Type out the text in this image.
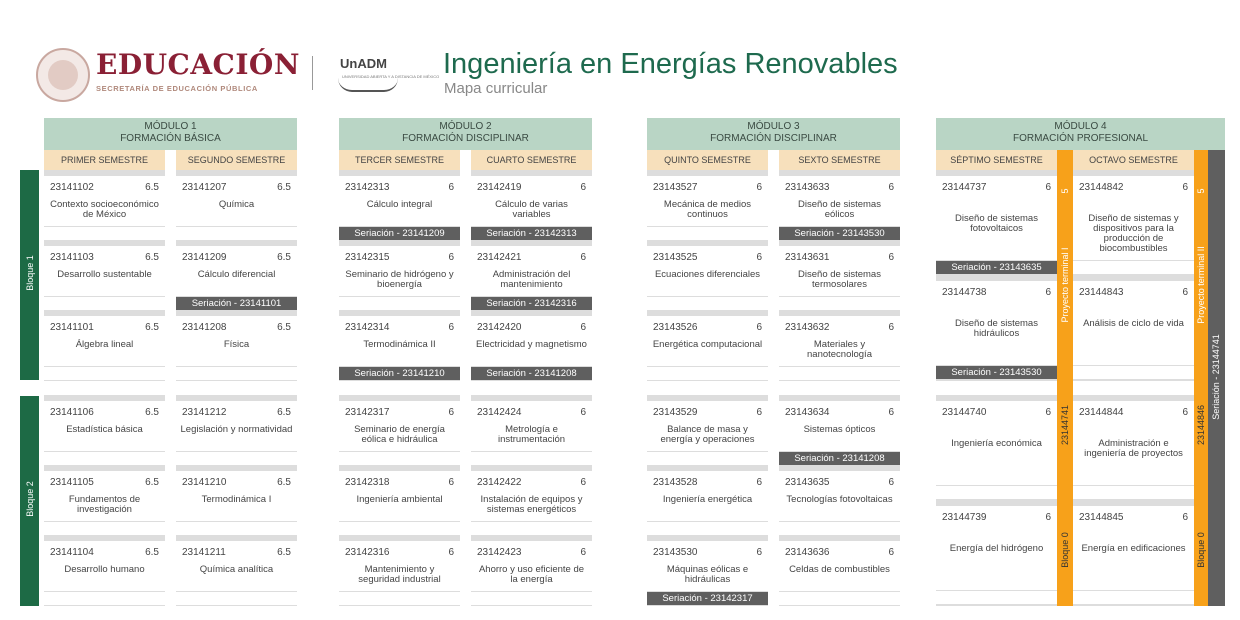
EDUCACIÓN
SECRETARÍA DE EDUCACIÓN PÚBLICA
UnADM
UNIVERSIDAD ABIERTA Y A DISTANCIA DE MÉXICO Ingeniería en Energías Renovables
Mapa curricular
Bloque 1
Bloque 2
MÓDULO 1
FORMACIÓN BÁSICA
MÓDULO 2
FORMACIÓN DISCIPLINAR
MÓDULO 3
FORMACIÓN DISCIPLINAR
MÓDULO 4
FORMACIÓN PROFESIONAL
PRIMER SEMESTRE	SEGUNDO SEMESTRE	TERCER SEMESTRE	CUARTO SEMESTRE	QUINTO SEMESTRE	SEXTO SEMESTRE	SÉPTIMO SEMESTRE	OCTAVO SEMESTRE
23141102	6.5
Contexto socioeconómico de México
23141103	6.5
Desarrollo sustentable
23141101	6.5
Álgebra lineal
23141106	6.5
Estadística básica
23141105	6.5
Fundamentos de investigación
23141104	6.5
Desarrollo humano
23141207	6.5
Química
23141209	6.5
Cálculo diferencial
Seriación - 23141101
23141208	6.5
Física
23141212	6.5
Legislación y normatividad
23141210	6.5
Termodinámica I
23141211	6.5
Química analítica
23142313	6
Cálculo integral
Seriación - 23141209
23142315	6
Seminario de hidrógeno y bioenergía
23142314	6
Termodinámica II
Seriación - 23141210
23142317	6
Seminario de energía eólica e hidráulica
23142318	6
Ingeniería ambiental
23142316	6
Mantenimiento y seguridad industrial
23142419	6
Cálculo de varias variables
Seriación - 23142313
23142421	6
Administración del mantenimiento
Seriación - 23142316
23142420	6
Electricidad y magnetismo
Seriación - 23141208
23142424	6
Metrología e instrumentación
23142422	6
Instalación de equipos y sistemas energéticos
23142423	6
Ahorro y uso eficiente de la energía
23143527	6
Mecánica de medios continuos
23143525	6
Ecuaciones diferenciales
23143526	6
Energética computacional
23143529	6
Balance de masa y energía y operaciones
23143528	6
Ingeniería energética
23143530	6
Máquinas eólicas e hidráulicas
Seriación - 23142317
23143633	6
Diseño de sistemas eólicos
Seriación - 23143530
23143631	6
Diseño de sistemas termosolares
23143632	6
Materiales y nanotecnología
23143634	6
Sistemas ópticos
Seriación - 23141208
23143635	6
Tecnologías fotovoltaicas
23143636	6
Celdas de combustibles
23144737	6
Diseño de sistemas fotovoltaicos
Seriación - 23143635
23144738	6
Diseño de sistemas hidráulicos
Seriación - 23143530
23144740	6
Ingeniería económica
23144739	6
Energía del hidrógeno
23144842	6
Diseño de sistemas y dispositivos para la producción de biocombustibles
23144843	6
Análisis de ciclo de vida
23144844	6
Administración e ingeniería de proyectos
23144845	6
Energía en edificaciones
5
Proyecto terminal I
23144741
Bloque 0
5
Proyecto terminal II
23144846
Bloque 0
Seriación - 23144741
